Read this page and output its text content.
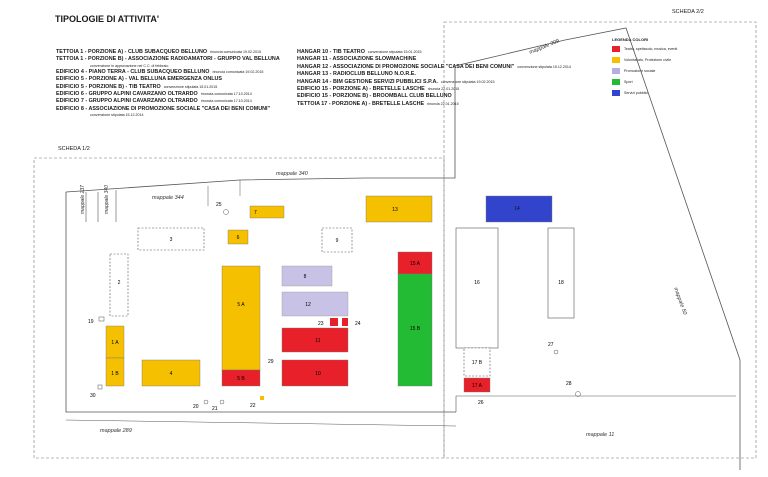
TIPOLOGIE DI ATTIVITA'
SCHEDA 2/2
SCHEDA 1/2
TETTOIA 1 - PORZIONE A) - CLUB SUBACQUEO BELLUNO rinuncia comunicata 19.02.2015
TETTOIA 1 - PORZIONE B) - ASSOCIAZIONE RADIOAMATORI - GRUPPO VAL BELLUNA
convenzione in approvazione nel C.C. di febbraio
EDIFICIO 4 - PIANO TERRA - CLUB SUBACQUEO BELLUNO rinuncia comunicata 19.02.2015
EDIFICIO 5 - PORZIONE A) - VAL BELLUNA EMERGENZA ONLUS
EDIFICIO 5 - PORZIONE B) - TIB TEATRO convenzione stipulata 15.01.2015
EDIFICIO 6 - GRUPPO ALPINI CAVARZANO OLTRARDO rinuncia comunicata 17.10.2014
EDIFICIO 7 - GRUPPO ALPINI CAVARZANO OLTRARDO rinuncia comunicata 17.10.2014
EDIFICIO 8 - ASSOCIAZIONE DI PROMOZIONE SOCIALE "CASA DEI BENI COMUNI"
convenzione stipulata 15.12.2014
HANGAR 10 - TIB TEATRO convenzione stipulata 15.01.2015
HANGAR 11 - ASSOCIAZIONE SLOWMACHINE
HANGAR 12 - ASSOCIAZIONE DI PROMOZIONE SOCIALE "CASA DEI BENI COMUNI" convenzione stipulata 15.12.2014
HANGAR 13 - RADIOCLUB BELLUNO N.O.R.E.
HANGAR 14 - BIM GESTIONE SERVIZI PUBBLICI S.P.A. convenzione stipulata 19.02.2015
EDIFICIO 15 - PORZIONE A) - BRETELLE LASCHE rinuncia 22.01.2015
EDIFICIO 15 - PORZIONE B) - BROOMBALL CLUB BELLUNO
TETTOIA 17 - PORZIONE A) - BRETELLE LASCHE rinuncia 22.01.2015
LEGENDA COLORI
Teatro, spettacolo, musica, eventi
Volontariato, Protezione civile
Promozione sociale
Sport
Servizi pubblici
mappale 340
mappale 344
mappale 237	mappale 340
mappale 289
mappale 11
mappale 50
mappale 309
2
3	9
16	18
17 B
1 A
1 B	4
5 A
5 B
6
7
8
12
11
10
13	14
15 A
15 B
17 A
19
25
23	24
29
30
20	21	22	26
27
28
